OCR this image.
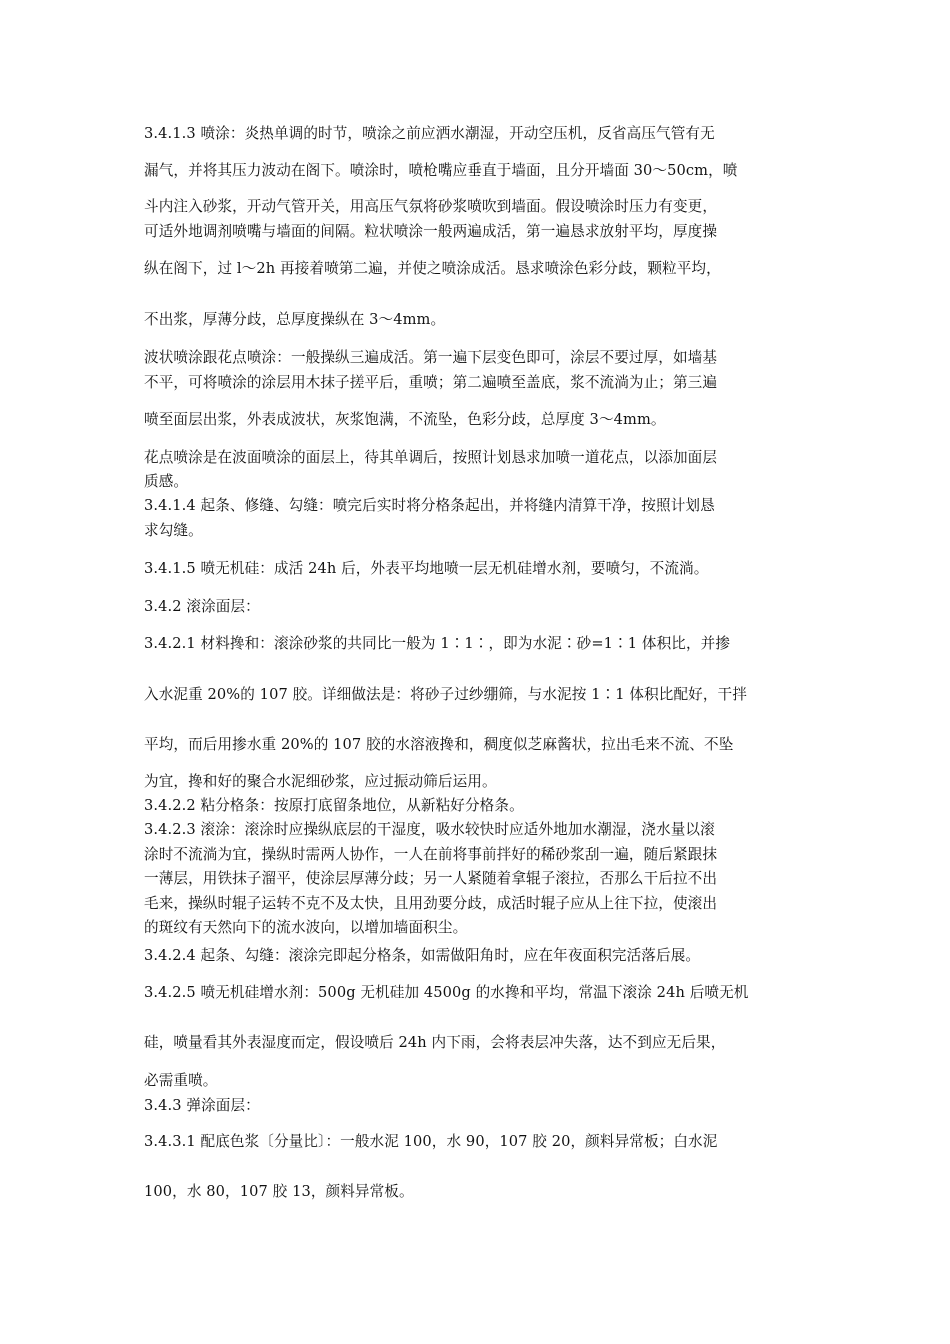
3.4.1.3 喷涂：炎热单调的时节，喷涂之前应洒水潮湿，开动空压机，反省高压气管有无
漏气，并将其压力波动在阁下。喷涂时，喷枪嘴应垂直于墙面，且分开墙面 30～50cm，喷
斗内注入砂浆，开动气管开关，用高压气氛将砂浆喷吹到墙面。假设喷涂时压力有变更，
可适外地调剂喷嘴与墙面的间隔。粒状喷涂一般两遍成活，第一遍恳求放射平均，厚度操
纵在阁下，过 l～2h 再接着喷第二遍，并使之喷涂成活。恳求喷涂色彩分歧，颗粒平均，
不出浆，厚薄分歧，总厚度操纵在 3～4mm。
波状喷涂跟花点喷涂：一般操纵三遍成活。第一遍下层变色即可，涂层不要过厚，如墙基
不平，可将喷涂的涂层用木抹子搓平后，重喷；第二遍喷至盖底，浆不流淌为止；第三遍
喷至面层出浆，外表成波状，灰浆饱满，不流坠，色彩分歧，总厚度 3～4mm。
花点喷涂是在波面喷涂的面层上，待其单调后，按照计划恳求加喷一道花点，以添加面层
质感。
3.4.1.4 起条、修缝、勾缝：喷完后实时将分格条起出，并将缝内清算干净，按照计划恳
求勾缝。
3.4.1.5 喷无机硅：成活 24h 后，外表平均地喷一层无机硅增水剂，要喷匀，不流淌。
3.4.2 滚涂面层：
3.4.2.1 材料搀和：滚涂砂浆的共同比一般为 1∶1∶，即为水泥∶砂=1∶1 体积比，并掺
入水泥重 20%的 107 胶。详细做法是：将砂子过纱绷筛，与水泥按 1∶1 体积比配好，干拌
平均，而后用掺水重 20%的 107 胶的水溶液搀和，稠度似芝麻酱状，拉出毛来不流、不坠
为宜，搀和好的聚合水泥细砂浆，应过振动筛后运用。
3.4.2.2 粘分格条：按原打底留条地位，从新粘好分格条。
3.4.2.3 滚涂：滚涂时应操纵底层的干湿度，吸水较快时应适外地加水潮湿，浇水量以滚
涂时不流淌为宜，操纵时需两人协作，一人在前将事前拌好的稀砂浆刮一遍，随后紧跟抹
一薄层，用铁抹子溜平，使涂层厚薄分歧；另一人紧随着拿辊子滚拉，否那么干后拉不出
毛来，操纵时辊子运转不克不及太快，且用劲要分歧，成活时辊子应从上往下拉，使滚出
的斑纹有天然向下的流水波向，以增加墙面积尘。
3.4.2.4 起条、勾缝：滚涂完即起分格条，如需做阳角时，应在年夜面积完活落后展。
3.4.2.5 喷无机硅增水剂：500g 无机硅加 4500g 的水搀和平均，常温下滚涂 24h 后喷无机
硅，喷量看其外表湿度而定，假设喷后 24h 内下雨，会将表层冲失落，达不到应无后果，
必需重喷。
3.4.3 弹涂面层：
3.4.3.1 配底色浆〔分量比〕：一般水泥 100，水 90，107 胶 20，颜料异常板；白水泥
100，水 80，107 胶 13，颜料异常板。
